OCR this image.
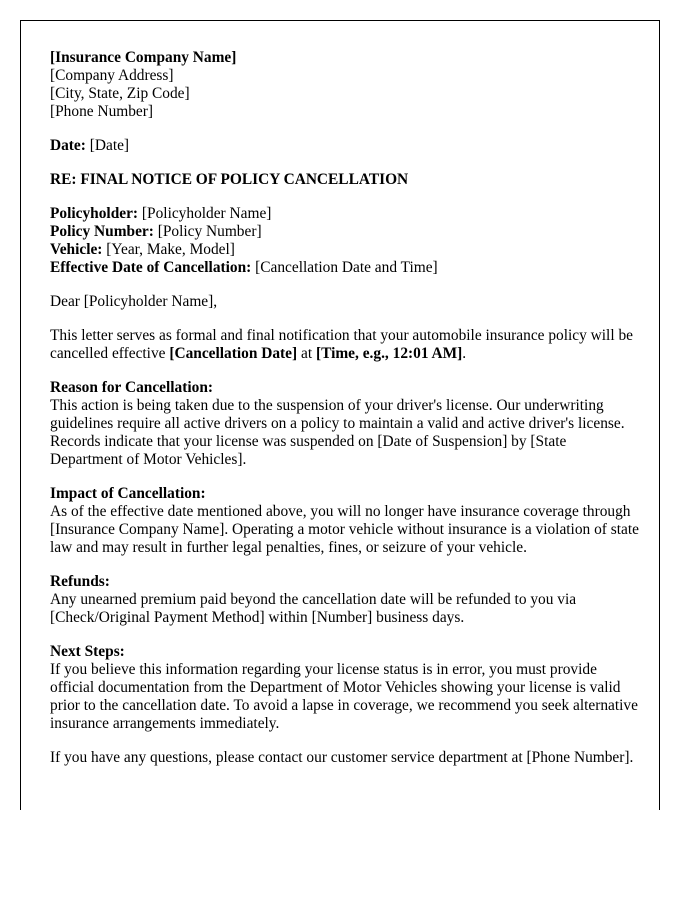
[Insurance Company Name]
[Company Address]
[City, State, Zip Code]
[Phone Number]
Date: [Date]
RE: FINAL NOTICE OF POLICY CANCELLATION
Policyholder: [Policyholder Name]
Policy Number: [Policy Number]
Vehicle: [Year, Make, Model]
Effective Date of Cancellation: [Cancellation Date and Time]
Dear [Policyholder Name],
This letter serves as formal and final notification that your automobile insurance policy will be cancelled effective [Cancellation Date] at [Time, e.g., 12:01 AM].
Reason for Cancellation:
This action is being taken due to the suspension of your driver's license. Our underwriting guidelines require all active drivers on a policy to maintain a valid and active driver's license. Records indicate that your license was suspended on [Date of Suspension] by [State Department of Motor Vehicles].
Impact of Cancellation:
As of the effective date mentioned above, you will no longer have insurance coverage through [Insurance Company Name]. Operating a motor vehicle without insurance is a violation of state law and may result in further legal penalties, fines, or seizure of your vehicle.
Refunds:
Any unearned premium paid beyond the cancellation date will be refunded to you via [Check/Original Payment Method] within [Number] business days.
Next Steps:
If you believe this information regarding your license status is in error, you must provide official documentation from the Department of Motor Vehicles showing your license is valid prior to the cancellation date. To avoid a lapse in coverage, we recommend you seek alternative insurance arrangements immediately.
If you have any questions, please contact our customer service department at [Phone Number].
